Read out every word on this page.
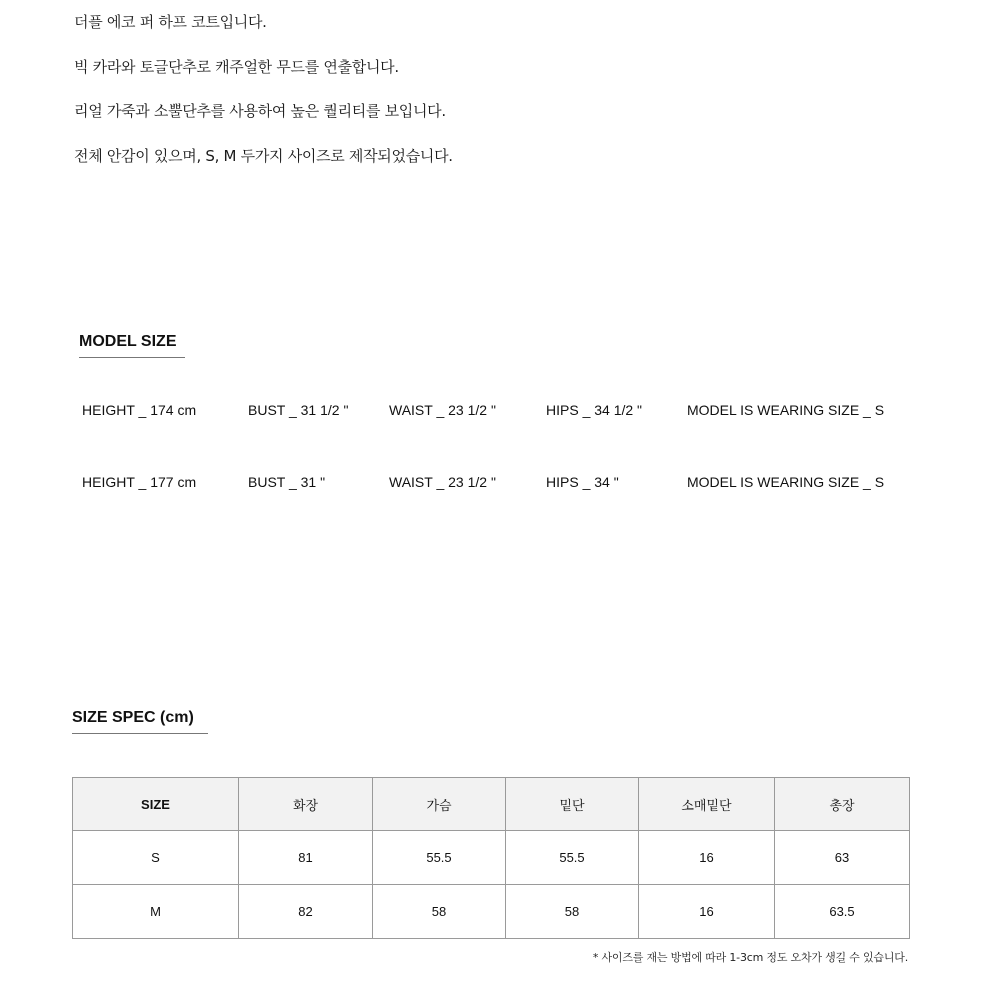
더플 에코 퍼 하프 코트입니다.
빅 카라와 토글단추로 캐주얼한 무드를 연출합니다.
리얼 가죽과 소뿔단추를 사용하여 높은 퀄리티를 보입니다.
전체 안감이 있으며, S, M 두가지 사이즈로 제작되었습니다.
MODEL SIZE
HEIGHT _ 174 cm	BUST _ 31 1/2 "	WAIST _ 23 1/2 "	HIPS _ 34 1/2 "	MODEL IS WEARING SIZE _ S
HEIGHT _ 177 cm	BUST _ 31 "	WAIST _ 23 1/2 "	HIPS _ 34 "	MODEL IS WEARING SIZE _ S
SIZE SPEC (cm)
SIZE	화장	가슴	밑단	소매밑단	총장
S	81	55.5	55.5	16	63
M	82	58	58	16	63.5
* 사이즈를 재는 방법에 따라 1-3cm 정도 오차가 생길 수 있습니다.
